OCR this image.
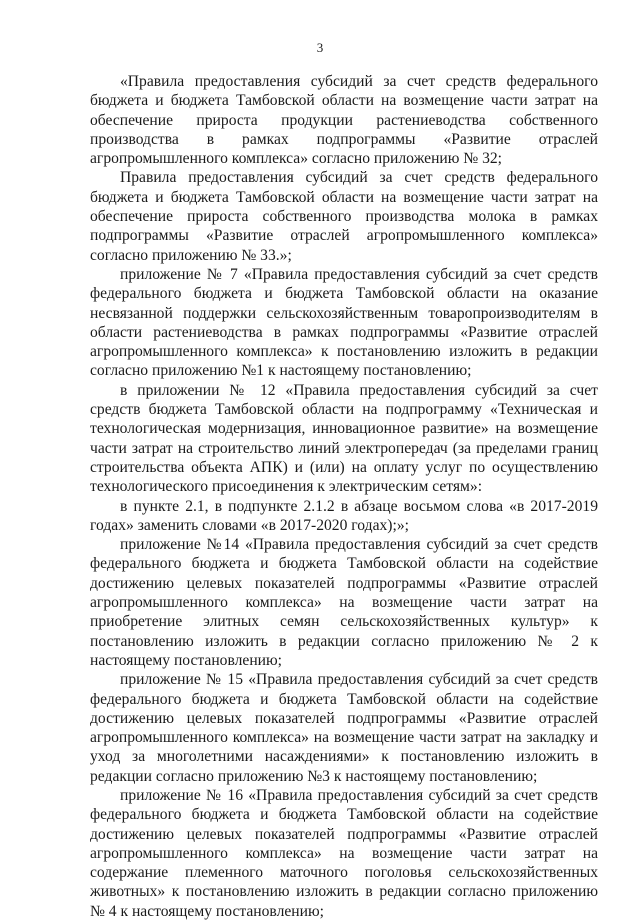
3

«Правила предоставления субсидий за счет средств федерального бюджета и бюджета Тамбовской области на возмещение части затрат на обеспечение прироста продукции растениеводства собственного производства в рамках подпрограммы «Развитие отраслей агропромышленного комплекса» согласно приложению № 32;

Правила предоставления субсидий за счет средств федерального бюджета и бюджета Тамбовской области на возмещение части затрат на обеспечение прироста собственного производства молока в рамках подпрограммы «Развитие отраслей агропромышленного комплекса» согласно приложению № 33.»;

приложение № 7 «Правила предоставления субсидий за счет средств федерального бюджета и бюджета Тамбовской области на оказание несвязанной поддержки сельскохозяйственным товаропроизводителям в области растениеводства в рамках подпрограммы «Развитие отраслей агропромышленного комплекса» к постановлению изложить в редакции согласно приложению №1 к настоящему постановлению;

в приложении № 12 «Правила предоставления субсидий за счет средств бюджета Тамбовской области на подпрограмму «Техническая и технологическая модернизация, инновационное развитие» на возмещение части затрат на строительство линий электропередач (за пределами границ строительства объекта АПК) и (или) на оплату услуг по осуществлению технологического присоединения к электрическим сетям»:

в пункте 2.1, в подпункте 2.1.2 в абзаце восьмом слова «в 2017-2019 годах» заменить словами «в 2017-2020 годах);»;

приложение №14 «Правила предоставления субсидий за счет средств федерального бюджета и бюджета Тамбовской области на содействие достижению целевых показателей подпрограммы «Развитие отраслей агропромышленного комплекса» на возмещение части затрат на приобретение элитных семян сельскохозяйственных культур» к постановлению изложить в редакции согласно приложению № 2 к настоящему постановлению;

приложение № 15 «Правила предоставления субсидий за счет средств федерального бюджета и бюджета Тамбовской области на содействие достижению целевых показателей подпрограммы «Развитие отраслей агропромышленного комплекса» на возмещение части затрат на закладку и уход за многолетними насаждениями» к постановлению изложить в редакции согласно приложению №3 к настоящему постановлению;

приложение № 16 «Правила предоставления субсидий за счет средств федерального бюджета и бюджета Тамбовской области на содействие достижению целевых показателей подпрограммы «Развитие отраслей агропромышленного комплекса» на возмещение части затрат на содержание племенного маточного поголовья сельскохозяйственных животных» к постановлению изложить в редакции согласно приложению № 4 к настоящему постановлению;
